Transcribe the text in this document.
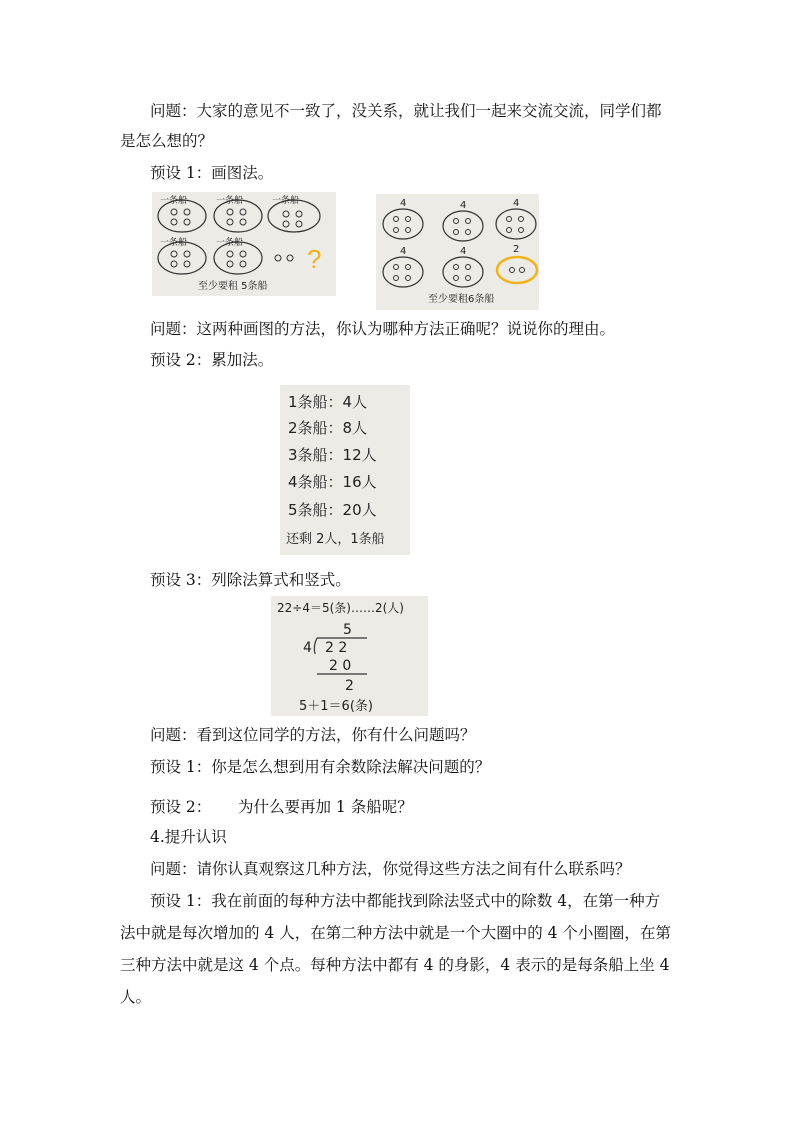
问题：大家的意见不一致了，没关系，就让我们一起来交流交流，同学们都
是怎么想的？
预设 1：画图法。
一条船	一条船	一条船
一条船	一条船
?
至少要租 5条船
4	4	4
4	4	2
至少要租6条船
问题：这两种画图的方法，你认为哪种方法正确呢？说说你的理由。
预设 2：累加法。
1条船：4人
2条船：8人
3条船：12人
4条船：16人
5条船：20人
还剩 2人，1条船
预设 3：列除法算式和竖式。
22÷4＝5(条)……2(人)
5
4 2 2
2 0
2
5＋1＝6(条)
问题：看到这位同学的方法，你有什么问题吗？
预设 1：你是怎么想到用有余数除法解决问题的？
预设 2： 为什么要再加 1 条船呢？
4.提升认识
问题：请你认真观察这几种方法，你觉得这些方法之间有什么联系吗？
预设 1：我在前面的每种方法中都能找到除法竖式中的除数 4，在第一种方
法中就是每次增加的 4 人，在第二种方法中就是一个大圈中的 4 个小圈圈，在第
三种方法中就是这 4 个点。每种方法中都有 4 的身影，4 表示的是每条船上坐 4
人。
